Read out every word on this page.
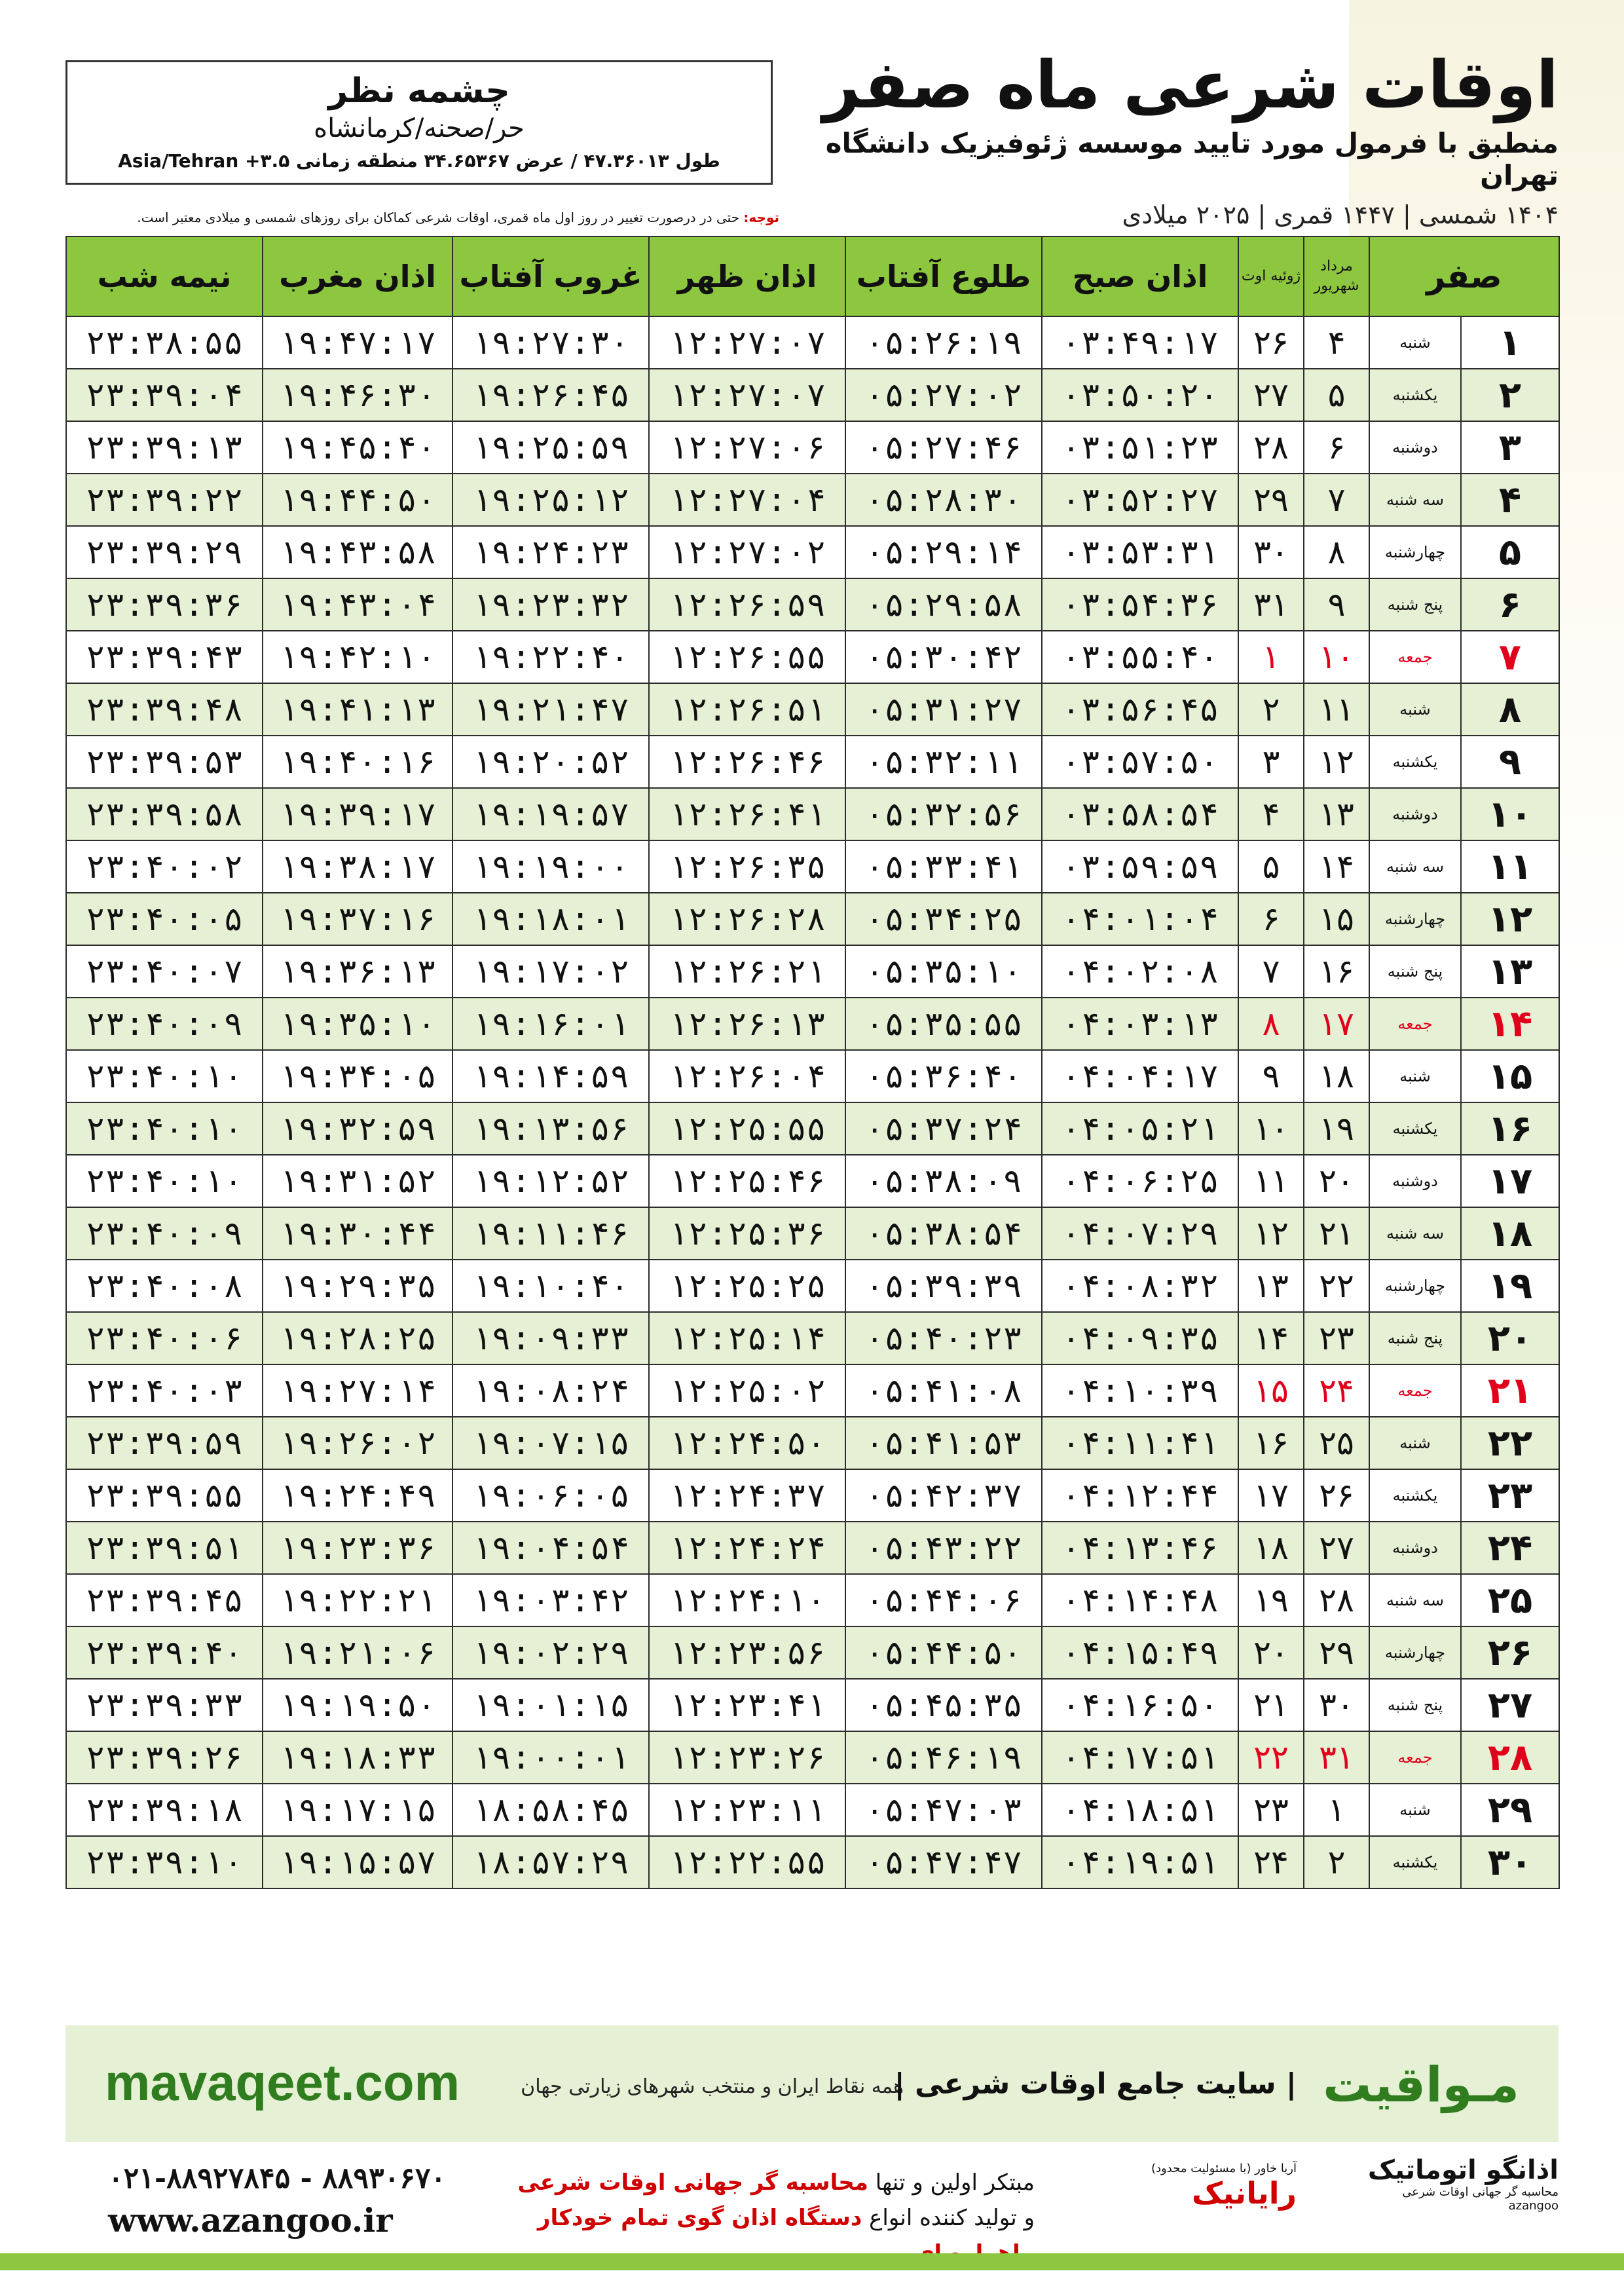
اوقات شرعی ماه صفر
منطبق با فرمول مورد تایید موسسه ژئوفیزیک دانشگاه تهران
۱۴۰۴ شمسی | ۱۴۴۷ قمری | ۲۰۲۵ میلادی
چشمه نظر
حر/صحنه/کرمانشاه
طول ۴۷.۳۶۰۱۳ / عرض ۳۴.۶۵۳۶۷ منطقه زمانی ۳.۵+ Asia/Tehran
توجه: حتی در درصورت تغییر در روز اول ماه قمری، اوقات شرعی کماکان برای روزهای شمسی و میلادی معتبر است.
صفر		مرداد شهریور	ژوئیه اوت	اذان صبح	طلوع آفتاب	اذان ظهر	غروب آفتاب	اذان مغرب	نیمه شب
۱	شنبه	۴	۲۶	۰۳:۴۹:۱۷	۰۵:۲۶:۱۹	۱۲:۲۷:۰۷	۱۹:۲۷:۳۰	۱۹:۴۷:۱۷	۲۳:۳۸:۵۵
۲	یکشنبه	۵	۲۷	۰۳:۵۰:۲۰	۰۵:۲۷:۰۲	۱۲:۲۷:۰۷	۱۹:۲۶:۴۵	۱۹:۴۶:۳۰	۲۳:۳۹:۰۴
۳	دوشنبه	۶	۲۸	۰۳:۵۱:۲۳	۰۵:۲۷:۴۶	۱۲:۲۷:۰۶	۱۹:۲۵:۵۹	۱۹:۴۵:۴۰	۲۳:۳۹:۱۳
۴	سه شنبه	۷	۲۹	۰۳:۵۲:۲۷	۰۵:۲۸:۳۰	۱۲:۲۷:۰۴	۱۹:۲۵:۱۲	۱۹:۴۴:۵۰	۲۳:۳۹:۲۲
۵	چهارشنبه	۸	۳۰	۰۳:۵۳:۳۱	۰۵:۲۹:۱۴	۱۲:۲۷:۰۲	۱۹:۲۴:۲۳	۱۹:۴۳:۵۸	۲۳:۳۹:۲۹
۶	پنج شنبه	۹	۳۱	۰۳:۵۴:۳۶	۰۵:۲۹:۵۸	۱۲:۲۶:۵۹	۱۹:۲۳:۳۲	۱۹:۴۳:۰۴	۲۳:۳۹:۳۶
۷	جمعه	۱۰	۱	۰۳:۵۵:۴۰	۰۵:۳۰:۴۲	۱۲:۲۶:۵۵	۱۹:۲۲:۴۰	۱۹:۴۲:۱۰	۲۳:۳۹:۴۳
۸	شنبه	۱۱	۲	۰۳:۵۶:۴۵	۰۵:۳۱:۲۷	۱۲:۲۶:۵۱	۱۹:۲۱:۴۷	۱۹:۴۱:۱۳	۲۳:۳۹:۴۸
۹	یکشنبه	۱۲	۳	۰۳:۵۷:۵۰	۰۵:۳۲:۱۱	۱۲:۲۶:۴۶	۱۹:۲۰:۵۲	۱۹:۴۰:۱۶	۲۳:۳۹:۵۳
۱۰	دوشنبه	۱۳	۴	۰۳:۵۸:۵۴	۰۵:۳۲:۵۶	۱۲:۲۶:۴۱	۱۹:۱۹:۵۷	۱۹:۳۹:۱۷	۲۳:۳۹:۵۸
۱۱	سه شنبه	۱۴	۵	۰۳:۵۹:۵۹	۰۵:۳۳:۴۱	۱۲:۲۶:۳۵	۱۹:۱۹:۰۰	۱۹:۳۸:۱۷	۲۳:۴۰:۰۲
۱۲	چهارشنبه	۱۵	۶	۰۴:۰۱:۰۴	۰۵:۳۴:۲۵	۱۲:۲۶:۲۸	۱۹:۱۸:۰۱	۱۹:۳۷:۱۶	۲۳:۴۰:۰۵
۱۳	پنج شنبه	۱۶	۷	۰۴:۰۲:۰۸	۰۵:۳۵:۱۰	۱۲:۲۶:۲۱	۱۹:۱۷:۰۲	۱۹:۳۶:۱۳	۲۳:۴۰:۰۷
۱۴	جمعه	۱۷	۸	۰۴:۰۳:۱۳	۰۵:۳۵:۵۵	۱۲:۲۶:۱۳	۱۹:۱۶:۰۱	۱۹:۳۵:۱۰	۲۳:۴۰:۰۹
۱۵	شنبه	۱۸	۹	۰۴:۰۴:۱۷	۰۵:۳۶:۴۰	۱۲:۲۶:۰۴	۱۹:۱۴:۵۹	۱۹:۳۴:۰۵	۲۳:۴۰:۱۰
۱۶	یکشنبه	۱۹	۱۰	۰۴:۰۵:۲۱	۰۵:۳۷:۲۴	۱۲:۲۵:۵۵	۱۹:۱۳:۵۶	۱۹:۳۲:۵۹	۲۳:۴۰:۱۰
۱۷	دوشنبه	۲۰	۱۱	۰۴:۰۶:۲۵	۰۵:۳۸:۰۹	۱۲:۲۵:۴۶	۱۹:۱۲:۵۲	۱۹:۳۱:۵۲	۲۳:۴۰:۱۰
۱۸	سه شنبه	۲۱	۱۲	۰۴:۰۷:۲۹	۰۵:۳۸:۵۴	۱۲:۲۵:۳۶	۱۹:۱۱:۴۶	۱۹:۳۰:۴۴	۲۳:۴۰:۰۹
۱۹	چهارشنبه	۲۲	۱۳	۰۴:۰۸:۳۲	۰۵:۳۹:۳۹	۱۲:۲۵:۲۵	۱۹:۱۰:۴۰	۱۹:۲۹:۳۵	۲۳:۴۰:۰۸
۲۰	پنج شنبه	۲۳	۱۴	۰۴:۰۹:۳۵	۰۵:۴۰:۲۳	۱۲:۲۵:۱۴	۱۹:۰۹:۳۳	۱۹:۲۸:۲۵	۲۳:۴۰:۰۶
۲۱	جمعه	۲۴	۱۵	۰۴:۱۰:۳۹	۰۵:۴۱:۰۸	۱۲:۲۵:۰۲	۱۹:۰۸:۲۴	۱۹:۲۷:۱۴	۲۳:۴۰:۰۳
۲۲	شنبه	۲۵	۱۶	۰۴:۱۱:۴۱	۰۵:۴۱:۵۳	۱۲:۲۴:۵۰	۱۹:۰۷:۱۵	۱۹:۲۶:۰۲	۲۳:۳۹:۵۹
۲۳	یکشنبه	۲۶	۱۷	۰۴:۱۲:۴۴	۰۵:۴۲:۳۷	۱۲:۲۴:۳۷	۱۹:۰۶:۰۵	۱۹:۲۴:۴۹	۲۳:۳۹:۵۵
۲۴	دوشنبه	۲۷	۱۸	۰۴:۱۳:۴۶	۰۵:۴۳:۲۲	۱۲:۲۴:۲۴	۱۹:۰۴:۵۴	۱۹:۲۳:۳۶	۲۳:۳۹:۵۱
۲۵	سه شنبه	۲۸	۱۹	۰۴:۱۴:۴۸	۰۵:۴۴:۰۶	۱۲:۲۴:۱۰	۱۹:۰۳:۴۲	۱۹:۲۲:۲۱	۲۳:۳۹:۴۵
۲۶	چهارشنبه	۲۹	۲۰	۰۴:۱۵:۴۹	۰۵:۴۴:۵۰	۱۲:۲۳:۵۶	۱۹:۰۲:۲۹	۱۹:۲۱:۰۶	۲۳:۳۹:۴۰
۲۷	پنج شنبه	۳۰	۲۱	۰۴:۱۶:۵۰	۰۵:۴۵:۳۵	۱۲:۲۳:۴۱	۱۹:۰۱:۱۵	۱۹:۱۹:۵۰	۲۳:۳۹:۳۳
۲۸	جمعه	۳۱	۲۲	۰۴:۱۷:۵۱	۰۵:۴۶:۱۹	۱۲:۲۳:۲۶	۱۹:۰۰:۰۱	۱۹:۱۸:۳۳	۲۳:۳۹:۲۶
۲۹	شنبه	۱	۲۳	۰۴:۱۸:۵۱	۰۵:۴۷:۰۳	۱۲:۲۳:۱۱	۱۸:۵۸:۴۵	۱۹:۱۷:۱۵	۲۳:۳۹:۱۸
۳۰	یکشنبه	۲	۲۴	۰۴:۱۹:۵۱	۰۵:۴۷:۴۷	۱۲:۲۲:۵۵	۱۸:۵۷:۲۹	۱۹:۱۵:۵۷	۲۳:۳۹:۱۰
mavaqeet.com	همه نقاط ایران و منتخب شهرهای زیارتی جهان
| سایت جامع اوقات شرعی | مـواقیت
۰۲۱-۸۸۹۲۷۸۴۵ - ۸۸۹۳۰۶۷۰
www.azangoo.ir
مبتکر اولین و تنها محاسبه گر جهانی اوقات شرعی
و تولید کننده انواع دستگاه اذان گوی تمام خودکار
آریا خاور (با مسئولیت محدود)
رایانیک
اذانگو اتوماتیک
محاسبه گر جهانی اوقات شرعی
azangoo
